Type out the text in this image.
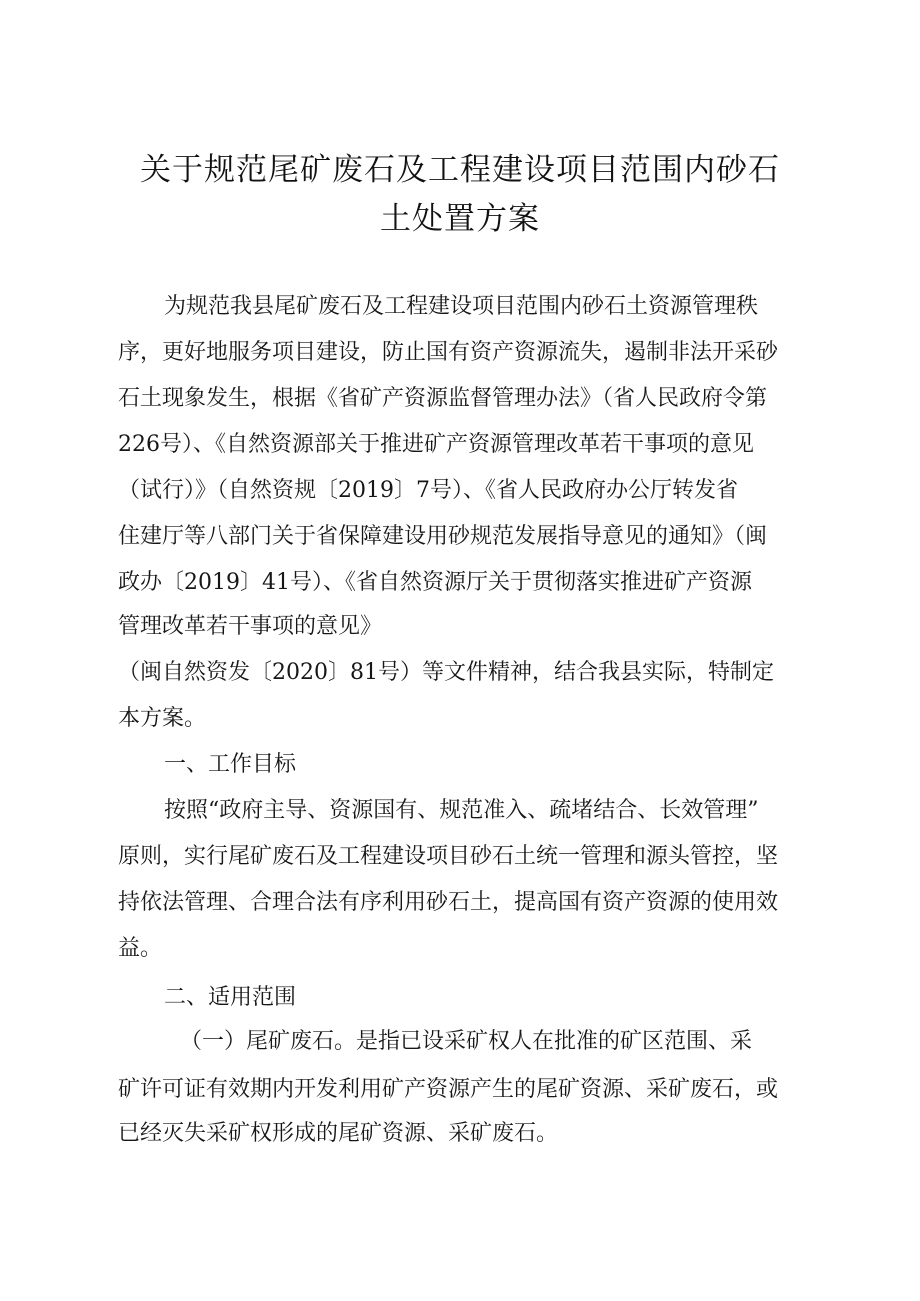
关于规范尾矿废石及工程建设项目范围内砂石
土处置方案
为规范我县尾矿废石及工程建设项目范围内砂石土资源管理秩
序，更好地服务项目建设，防止国有资产资源流失，遏制非法开采砂
石土现象发生，根据《省矿产资源监督管理办法》（省人民政府令第
226号）、《自然资源部关于推进矿产资源管理改革若干事项的意见
（试行）》（自然资规〔2019〕7号）、《省人民政府办公厅转发省
住建厅等八部门关于省保障建设用砂规范发展指导意见的通知》（闽
政办〔2019〕41号）、《省自然资源厅关于贯彻落实推进矿产资源
管理改革若干事项的意见》
（闽自然资发〔2020〕81号）等文件精神，结合我县实际，特制定
本方案。
一、工作目标
按照“政府主导、资源国有、规范准入、疏堵结合、长效管理”
原则，实行尾矿废石及工程建设项目砂石土统一管理和源头管控，坚
持依法管理、合理合法有序利用砂石土，提高国有资产资源的使用效
益。
二、适用范围
（一）尾矿废石。是指已设采矿权人在批准的矿区范围、采
矿许可证有效期内开发利用矿产资源产生的尾矿资源、采矿废石，或
已经灭失采矿权形成的尾矿资源、采矿废石。
